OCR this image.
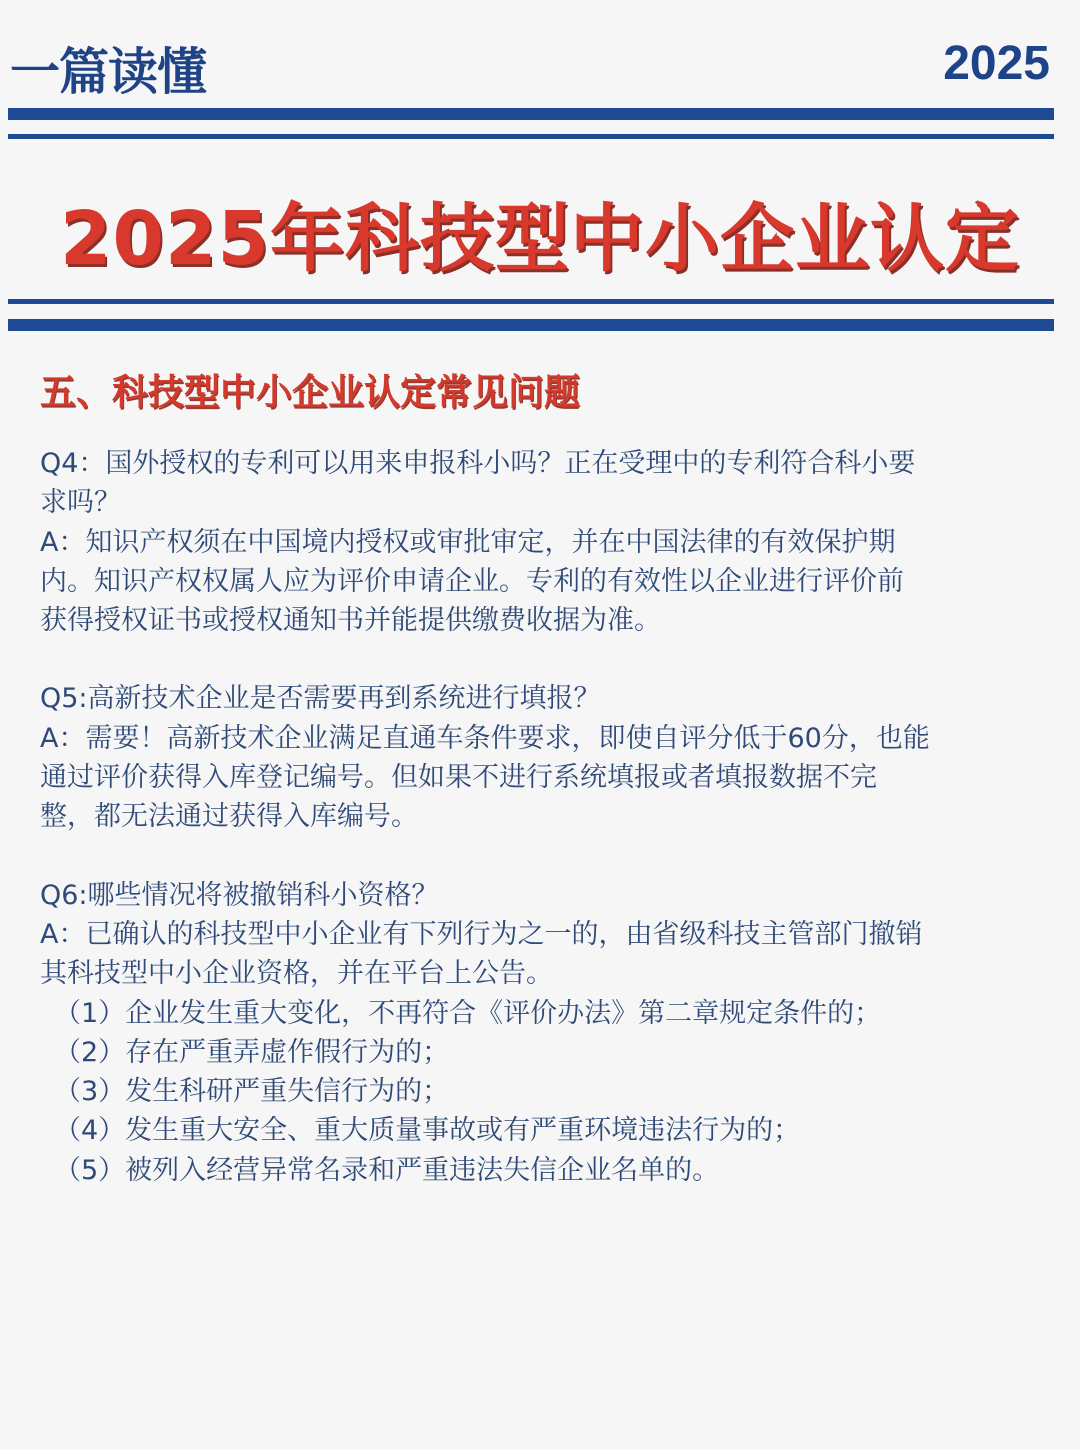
一篇读懂	2025
2025年科技型中小企业认定
五、科技型中小企业认定常见问题
Q4：国外授权的专利可以用来申报科小吗？正在受理中的专利符合科小要
求吗？
A：知识产权须在中国境内授权或审批审定，并在中国法律的有效保护期
内。知识产权权属人应为评价申请企业。专利的有效性以企业进行评价前
获得授权证书或授权通知书并能提供缴费收据为准。
Q5:高新技术企业是否需要再到系统进行填报？
A：需要！高新技术企业满足直通车条件要求，即使自评分低于60分，也能
通过评价获得入库登记编号。但如果不进行系统填报或者填报数据不完
整，都无法通过获得入库编号。
Q6:哪些情况将被撤销科小资格？
A：已确认的科技型中小企业有下列行为之一的，由省级科技主管部门撤销
其科技型中小企业资格，并在平台上公告。
（1）企业发生重大变化，不再符合《评价办法》第二章规定条件的；
（2）存在严重弄虚作假行为的；
（3）发生科研严重失信行为的；
（4）发生重大安全、重大质量事故或有严重环境违法行为的；
（5）被列入经营异常名录和严重违法失信企业名单的。
